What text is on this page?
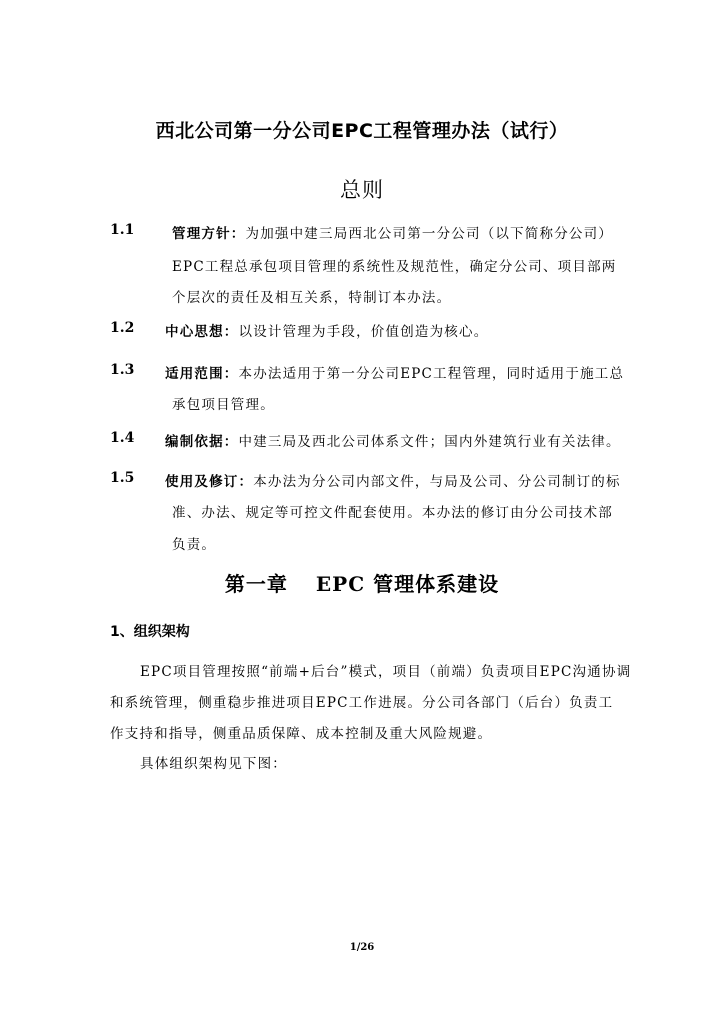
西北公司第一分公司EPC工程管理办法（试行）
总则
1.1	管理方针：为加强中建三局西北公司第一分公司（以下简称分公司）
EPC工程总承包项目管理的系统性及规范性，确定分公司、项目部两
个层次的责任及相互关系，特制订本办法。
1.2 中心思想：以设计管理为手段，价值创造为核心。
1.3 适用范围：本办法适用于第一分公司EPC工程管理，同时适用于施工总
承包项目管理。
1.4 编制依据：中建三局及西北公司体系文件；国内外建筑行业有关法律。
1.5 使用及修订：本办法为分公司内部文件，与局及公司、分公司制订的标
准、办法、规定等可控文件配套使用。本办法的修订由分公司技术部
负责。
第一章 EPC 管理体系建设
1、组织架构
EPC项目管理按照“前端+后台”模式，项目（前端）负责项目EPC沟通协调
和系统管理，侧重稳步推进项目EPC工作进展。分公司各部门（后台）负责工
作支持和指导，侧重品质保障、成本控制及重大风险规避。
具体组织架构见下图：
1/26
